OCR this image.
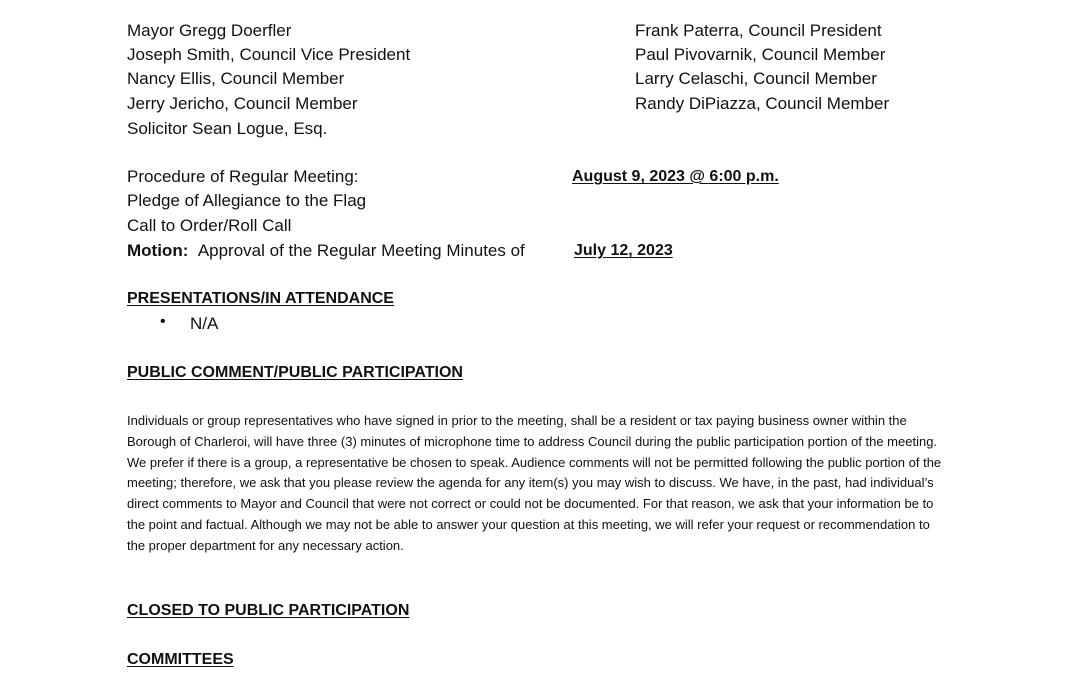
Mayor Gregg Doerfler
Joseph Smith, Council Vice President
Nancy Ellis, Council Member
Jerry Jericho, Council Member
Solicitor Sean Logue, Esq.
Frank Paterra, Council President
Paul Pivovarnik, Council Member
Larry Celaschi, Council Member
Randy DiPiazza, Council Member
Procedure of Regular Meeting:	August 9, 2023 @ 6:00 p.m.
Pledge of Allegiance to the Flag
Call to Order/Roll Call
Motion: Approval of the Regular Meeting Minutes of	July 12, 2023
PRESENTATIONS/IN ATTENDANCE
• N/A
PUBLIC COMMENT/PUBLIC PARTICIPATION
Individuals or group representatives who have signed in prior to the meeting, shall be a resident or tax paying business owner within the Borough of Charleroi, will have three (3) minutes of microphone time to address Council during the public participation portion of the meeting. We prefer if there is a group, a representative be chosen to speak. Audience comments will not be permitted following the public portion of the meeting; therefore, we ask that you please review the agenda for any item(s) you may wish to discuss. We have, in the past, had individual’s direct comments to Mayor and Council that were not correct or could not be documented. For that reason, we ask that your information be to the point and factual. Although we may not be able to answer your question at this meeting, we will refer your request or recommendation to the proper department for any necessary action.
CLOSED TO PUBLIC PARTICIPATION
COMMITTEES
